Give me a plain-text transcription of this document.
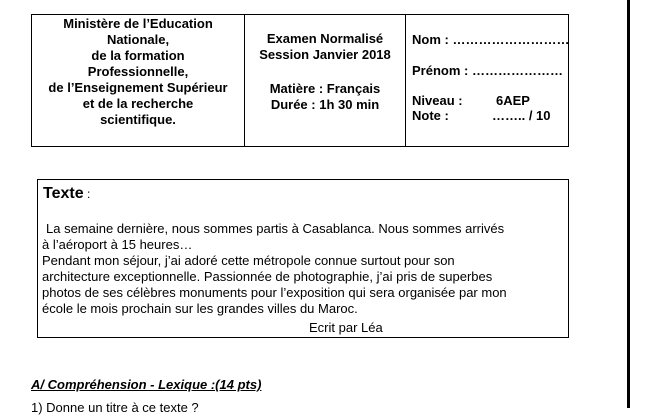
Ministère de l’Education
Nationale,
de la formation
Professionnelle,
de l’Enseignement Supérieur
et de la recherche
scientifique.

Examen Normalisé
Session Janvier 2018
Matière : Français
Durée : 1h 30 min

Nom : ………………………
Prénom : …………………
Niveau :	6AEP
Note :	…….. / 10
Texte :

La semaine dernière, nous sommes partis à Casablanca. Nous sommes arrivés

à l’aéroport à 15 heures…

Pendant mon séjour, j’ai adoré cette métropole connue surtout pour son

architecture exceptionnelle. Passionnée de photographie, j’ai pris de superbes

photos de ses célèbres monuments pour l’exposition qui sera organisée par mon

école le mois prochain sur les grandes villes du Maroc.

Ecrit par Léa
A/ Compréhension - Lexique :(14 pts)
1) Donne un titre à ce texte ?
